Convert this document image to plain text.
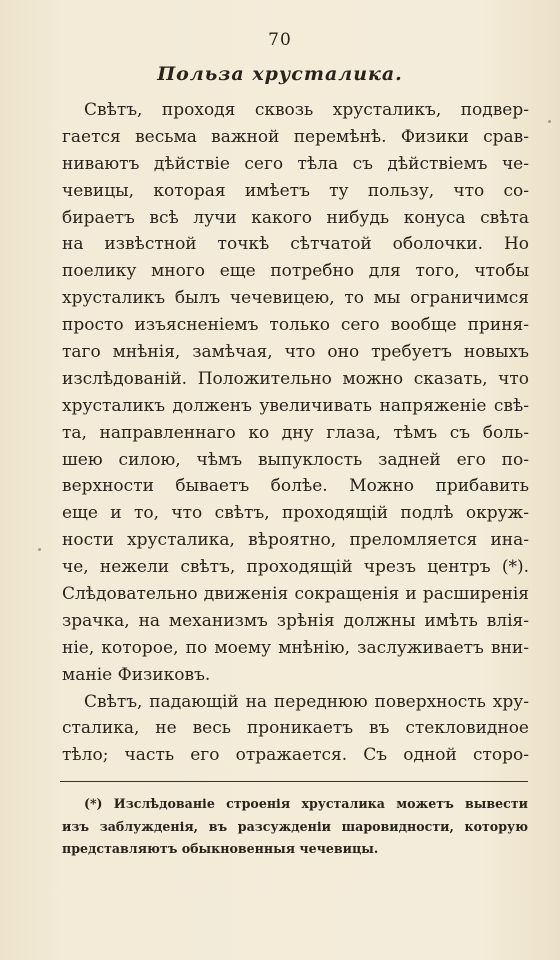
70
Польза хрусталика.
Свѣтъ, проходя сквозь хрусталикъ, подвер-
гается весьма важной перемѣнѣ. Физики срав-
ниваютъ дѣйствіе сего тѣла съ дѣйствіемъ че-
чевицы, которая имѣетъ ту пользу, что со-
бираетъ всѣ лучи какого нибудь конуса свѣта
на извѣстной точкѣ сѣтчатой оболочки. Но
поелику много еще потребно для того, чтобы
хрусталикъ былъ чечевицею, то мы ограничимся
просто изъясненіемъ только сего вообще приня-
таго мнѣнія, замѣчая, что оно требуетъ новыхъ
изслѣдованій. Положительно можно сказать, что
хрусталикъ долженъ увеличивать напряженіе свѣ-
та, направленнаго ко дну глаза, тѣмъ съ боль-
шею силою, чѣмъ выпуклость задней его по-
верхности бываетъ болѣе. Можно прибавить
еще и то, что свѣтъ, проходящій подлѣ окруж-
ности хрусталика, вѣроятно, преломляется ина-
че, нежели свѣтъ, проходящій чрезъ центръ (*).
Слѣдовательно движенія сокращенія и расширенія
зрачка, на механизмъ зрѣнія должны имѣть влія-
ніе, которое, по моему мнѣнію, заслуживаетъ вни-
маніе Физиковъ.
Свѣтъ, падающій на переднюю поверхность хру-
сталика, не весь проникаетъ въ стекловидное
тѣло; часть его отражается. Съ одной сторо-
(*) Изслѣдованіе строенія хрусталика можетъ вывести
изъ заблужденія, въ разсужденіи шаровидности, которую
представляютъ обыкновенныя чечевицы.
